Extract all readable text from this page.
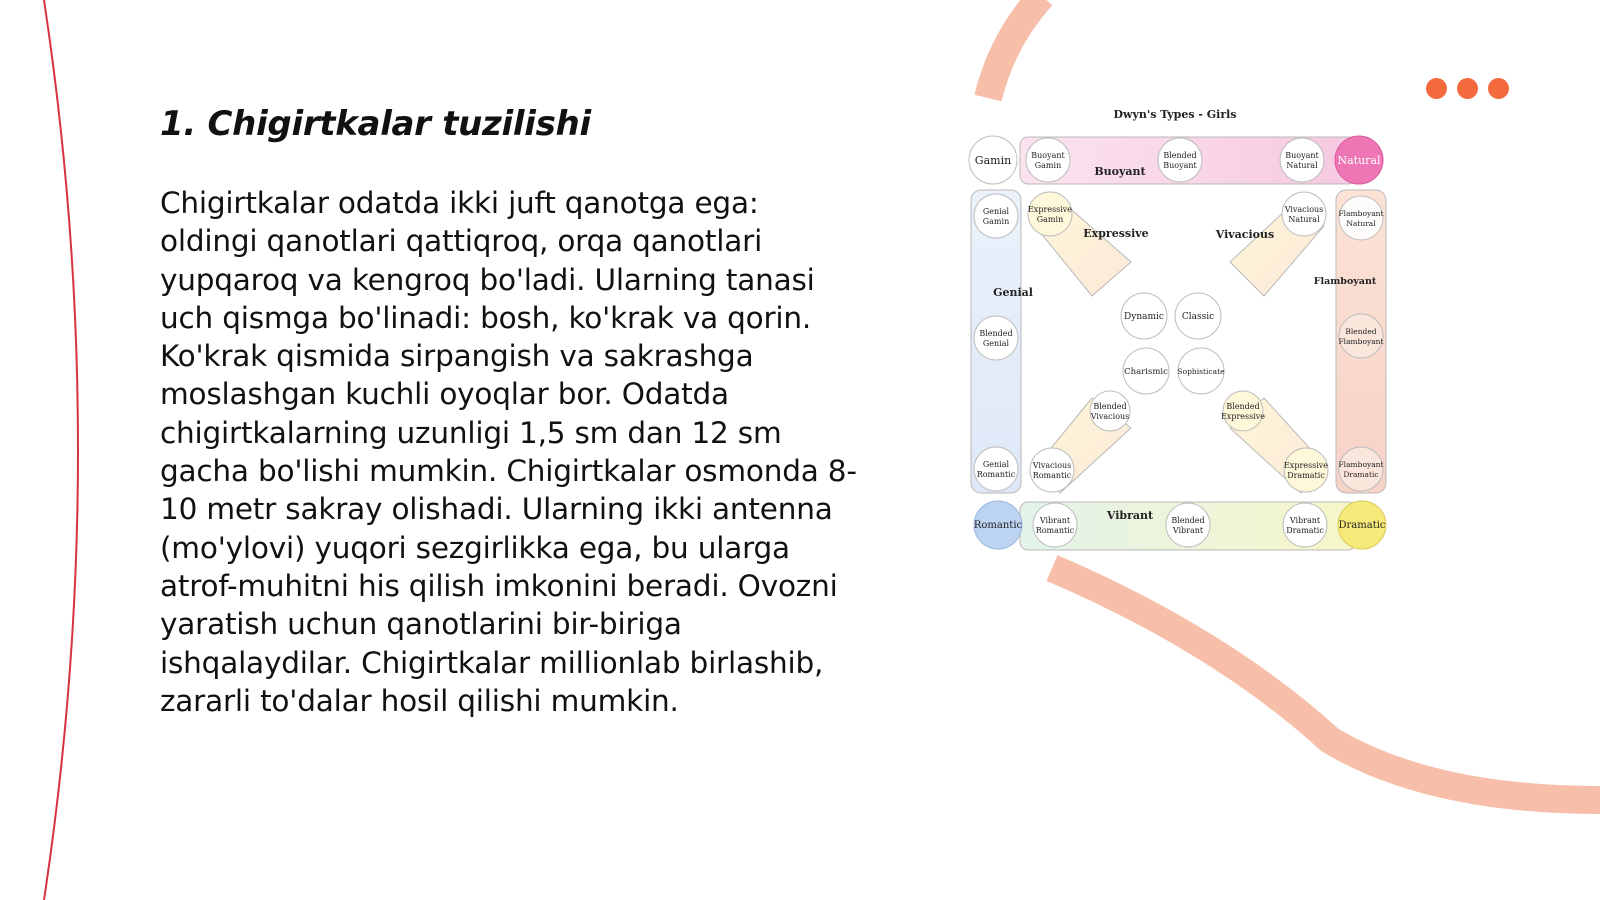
1. Chigirtkalar tuzilishi

Chigirtkalar odatda ikki juft qanotga ega: oldingi qanotlari qattiqroq, orqa qanotlari yupqaroq va kengroq bo'ladi. Ularning tanasi uch qismga bo'linadi: bosh, ko'krak va qorin. Ko'krak qismida sirpangish va sakrashga moslashgan kuchli oyoqlar bor. Odatda chigirtkalarning uzunligi 1,5 sm dan 12 sm gacha bo'lishi mumkin. Chigirtkalar osmonda 8-10 metr sakray olishadi. Ularning ikki antenna (mo'ylovi) yuqori sezgirlikka ega, bu ularga atrof-muhitni his qilish imkonini beradi. Ovozni yaratish uchun qanotlarini bir-biriga ishqalaydilar. Chigirtkalar millionlab birlashib, zararli to'dalar hosil qilishi mumkin.

Dwyn's Types - Girls
Buoyant
Vibrant
Genial
Flamboyant
Expressive	Vivacious
Gamin	Natural
Romantic	Dramatic
Buoyant
Gamin
Blended
Buoyant
Buoyant
Natural
Genial
Gamin
Blended
Genial
Genial
Romantic
Flamboyant
Natural
Blended
Flamboyant
Flamboyant
Dramatic
Vibrant
Romantic
Blended
Vibrant
Vibrant
Dramatic
Expressive
Gamin
Vivacious
Natural
Blended
Vivacious
Blended
Expressive
Vivacious
Romantic
Expressive
Dramatic
Dynamic Classic
Charismic Sophisticate
